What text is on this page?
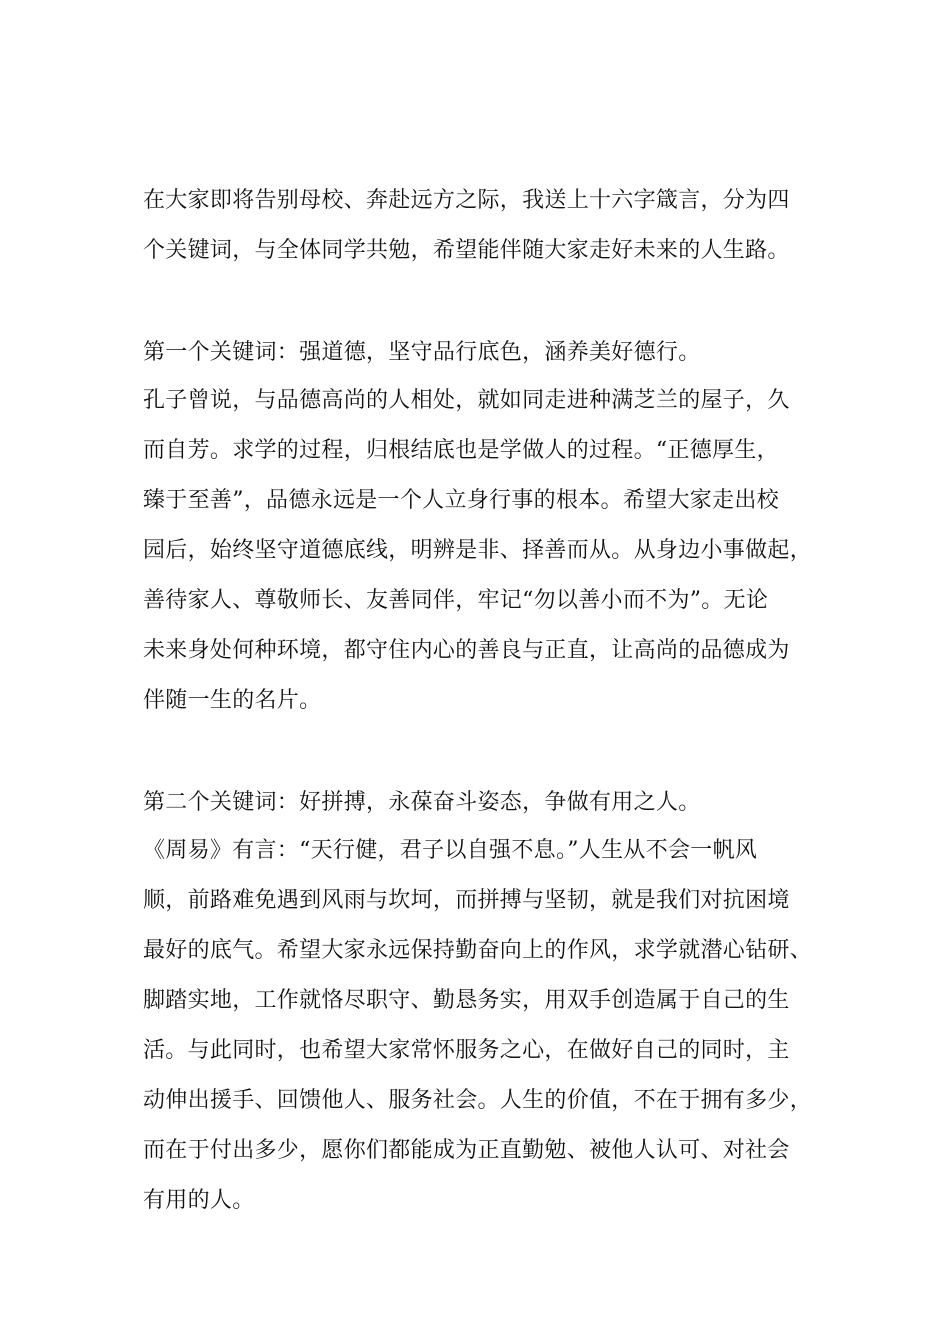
在大家即将告别母校、奔赴远方之际，我送上十六字箴言，分为四
个关键词，与全体同学共勉，希望能伴随大家走好未来的人生路。
第一个关键词：强道德，坚守品行底色，涵养美好德行。
孔子曾说，与品德高尚的人相处，就如同走进种满芝兰的屋子，久
而自芳。求学的过程，归根结底也是学做人的过程。“正德厚生，
臻于至善”，品德永远是一个人立身行事的根本。希望大家走出校
园后，始终坚守道德底线，明辨是非、择善而从。从身边小事做起，
善待家人、尊敬师长、友善同伴，牢记“勿以善小而不为”。无论
未来身处何种环境，都守住内心的善良与正直，让高尚的品德成为
伴随一生的名片。
第二个关键词：好拼搏，永葆奋斗姿态，争做有用之人。
《周易》有言：“天行健，君子以自强不息。”人生从不会一帆风
顺，前路难免遇到风雨与坎坷，而拼搏与坚韧，就是我们对抗困境
最好的底气。希望大家永远保持勤奋向上的作风，求学就潜心钻研、
脚踏实地，工作就恪尽职守、勤恳务实，用双手创造属于自己的生
活。与此同时，也希望大家常怀服务之心，在做好自己的同时，主
动伸出援手、回馈他人、服务社会。人生的价值，不在于拥有多少，
而在于付出多少，愿你们都能成为正直勤勉、被他人认可、对社会
有用的人。
